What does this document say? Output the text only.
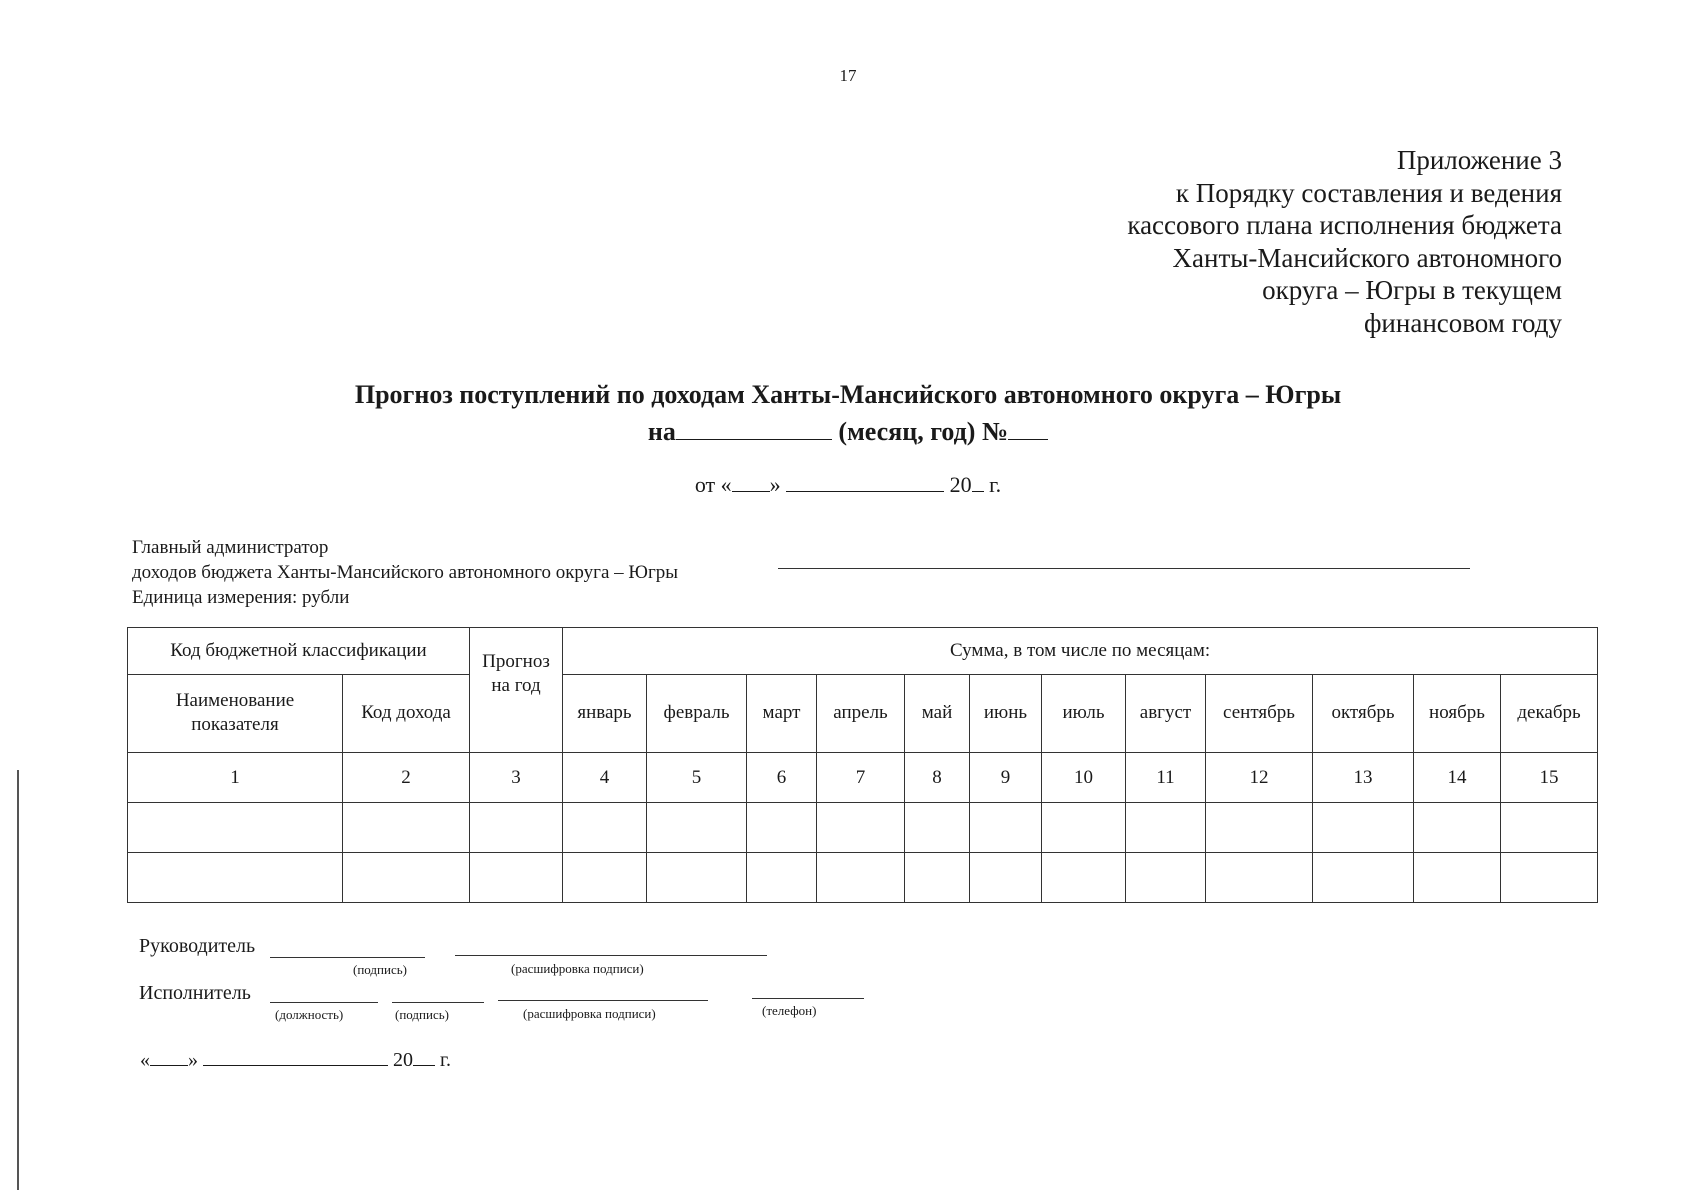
17
Приложение 3
к Порядку составления и ведения
кассового плана исполнения бюджета
Ханты-Мансийского автономного
округа – Югры в текущем
финансовом году
Прогноз поступлений по доходам Ханты-Мансийского автономного округа – Югры
на	(месяц, год) №
от « »	20 г.
Главный администратор
доходов бюджета Ханты-Мансийского автономного округа – Югры
Единица измерения: рубли
Код бюджетной классификации		Прогноз на год	Сумма, в том числе по месяцам:											
Наименование показателя	Код дохода		январь	февраль	март	апрель	май	июнь	июль	август	сентябрь	октябрь	ноябрь	декабрь
1	2	3	4	5	6	7	8	9	10	11	12	13	14	15

Руководитель
(подпись)	(расшифровка подписи)
Исполнитель
(должность)	(подпись)	(расшифровка подписи)	(телефон)
« »	20 г.
